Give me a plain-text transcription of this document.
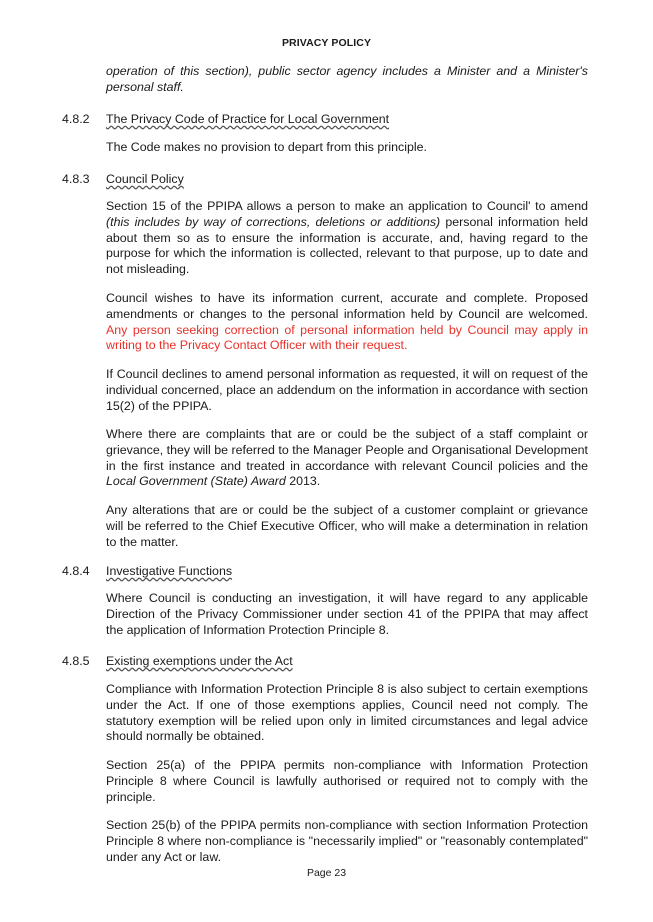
PRIVACY POLICY
operation of this section), public sector agency includes a Minister and a Minister's personal staff.
4.8.2 The Privacy Code of Practice for Local Government
The Code makes no provision to depart from this principle.
4.8.3 Council Policy
Section 15 of the PPIPA allows a person to make an application to Council' to amend (this includes by way of corrections, deletions or additions) personal information held about them so as to ensure the information is accurate, and, having regard to the purpose for which the information is collected, relevant to that purpose, up to date and not misleading.
Council wishes to have its information current, accurate and complete. Proposed amendments or changes to the personal information held by Council are welcomed. Any person seeking correction of personal information held by Council may apply in writing to the Privacy Contact Officer with their request.
If Council declines to amend personal information as requested, it will on request of the individual concerned, place an addendum on the information in accordance with section 15(2) of the PPIPA.
Where there are complaints that are or could be the subject of a staff complaint or grievance, they will be referred to the Manager People and Organisational Development in the first instance and treated in accordance with relevant Council policies and the Local Government (State) Award 2013.
Any alterations that are or could be the subject of a customer complaint or grievance will be referred to the Chief Executive Officer, who will make a determination in relation to the matter.
4.8.4 Investigative Functions
Where Council is conducting an investigation, it will have regard to any applicable Direction of the Privacy Commissioner under section 41 of the PPIPA that may affect the application of Information Protection Principle 8.
4.8.5 Existing exemptions under the Act
Compliance with Information Protection Principle 8 is also subject to certain exemptions under the Act. If one of those exemptions applies, Council need not comply. The statutory exemption will be relied upon only in limited circumstances and legal advice should normally be obtained.
Section 25(a) of the PPIPA permits non-compliance with Information Protection Principle 8 where Council is lawfully authorised or required not to comply with the principle.
Section 25(b) of the PPIPA permits non-compliance with section Information Protection Principle 8 where non-compliance is "necessarily implied" or "reasonably contemplated" under any Act or law.
Page 23
